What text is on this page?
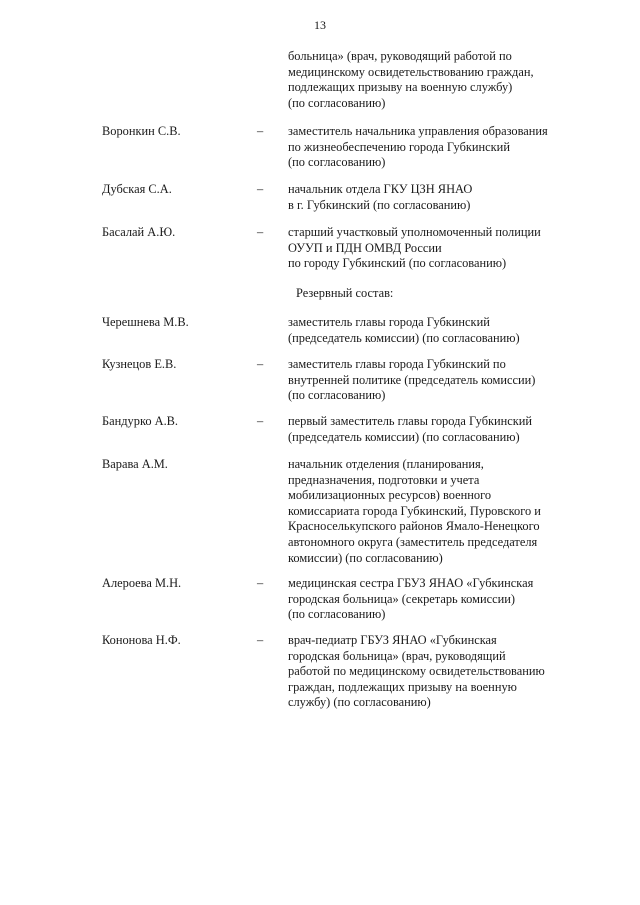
13
больница» (врач, руководящий работой по
медицинскому освидетельствованию граждан,
подлежащих призыву на военную службу)
(по согласованию)
Воронкин С.В.	– заместитель начальника управления образования
по жизнеобеспечению города Губкинский
(по согласованию)
Дубская С.А.	– начальник отдела ГКУ ЦЗН ЯНАО
в г. Губкинский (по согласованию)
Басалай А.Ю.	– старший участковый уполномоченный полиции
ОУУП и ПДН ОМВД России
по городу Губкинский (по согласованию)
Резервный состав:
Черешнева М.В.	заместитель главы города Губкинский
(председатель комиссии) (по согласованию)
Кузнецов Е.В.	– заместитель главы города Губкинский по
внутренней политике (председатель комиссии)
(по согласованию)
Бандурко А.В.	– первый заместитель главы города Губкинский
(председатель комиссии) (по согласованию)
Варава А.М.	начальник отделения (планирования,
предназначения, подготовки и учета
мобилизационных ресурсов) военного
комиссариата города Губкинский, Пуровского и
Красноселькупского районов Ямало-Ненецкого
автономного округа (заместитель председателя
комиссии) (по согласованию)
Алероева М.Н.	– медицинская сестра ГБУЗ ЯНАО «Губкинская
городская больница» (секретарь комиссии)
(по согласованию)
Кононова Н.Ф.	– врач-педиатр ГБУЗ ЯНАО «Губкинская
городская больница» (врач, руководящий
работой по медицинскому освидетельствованию
граждан, подлежащих призыву на военную
службу) (по согласованию)
